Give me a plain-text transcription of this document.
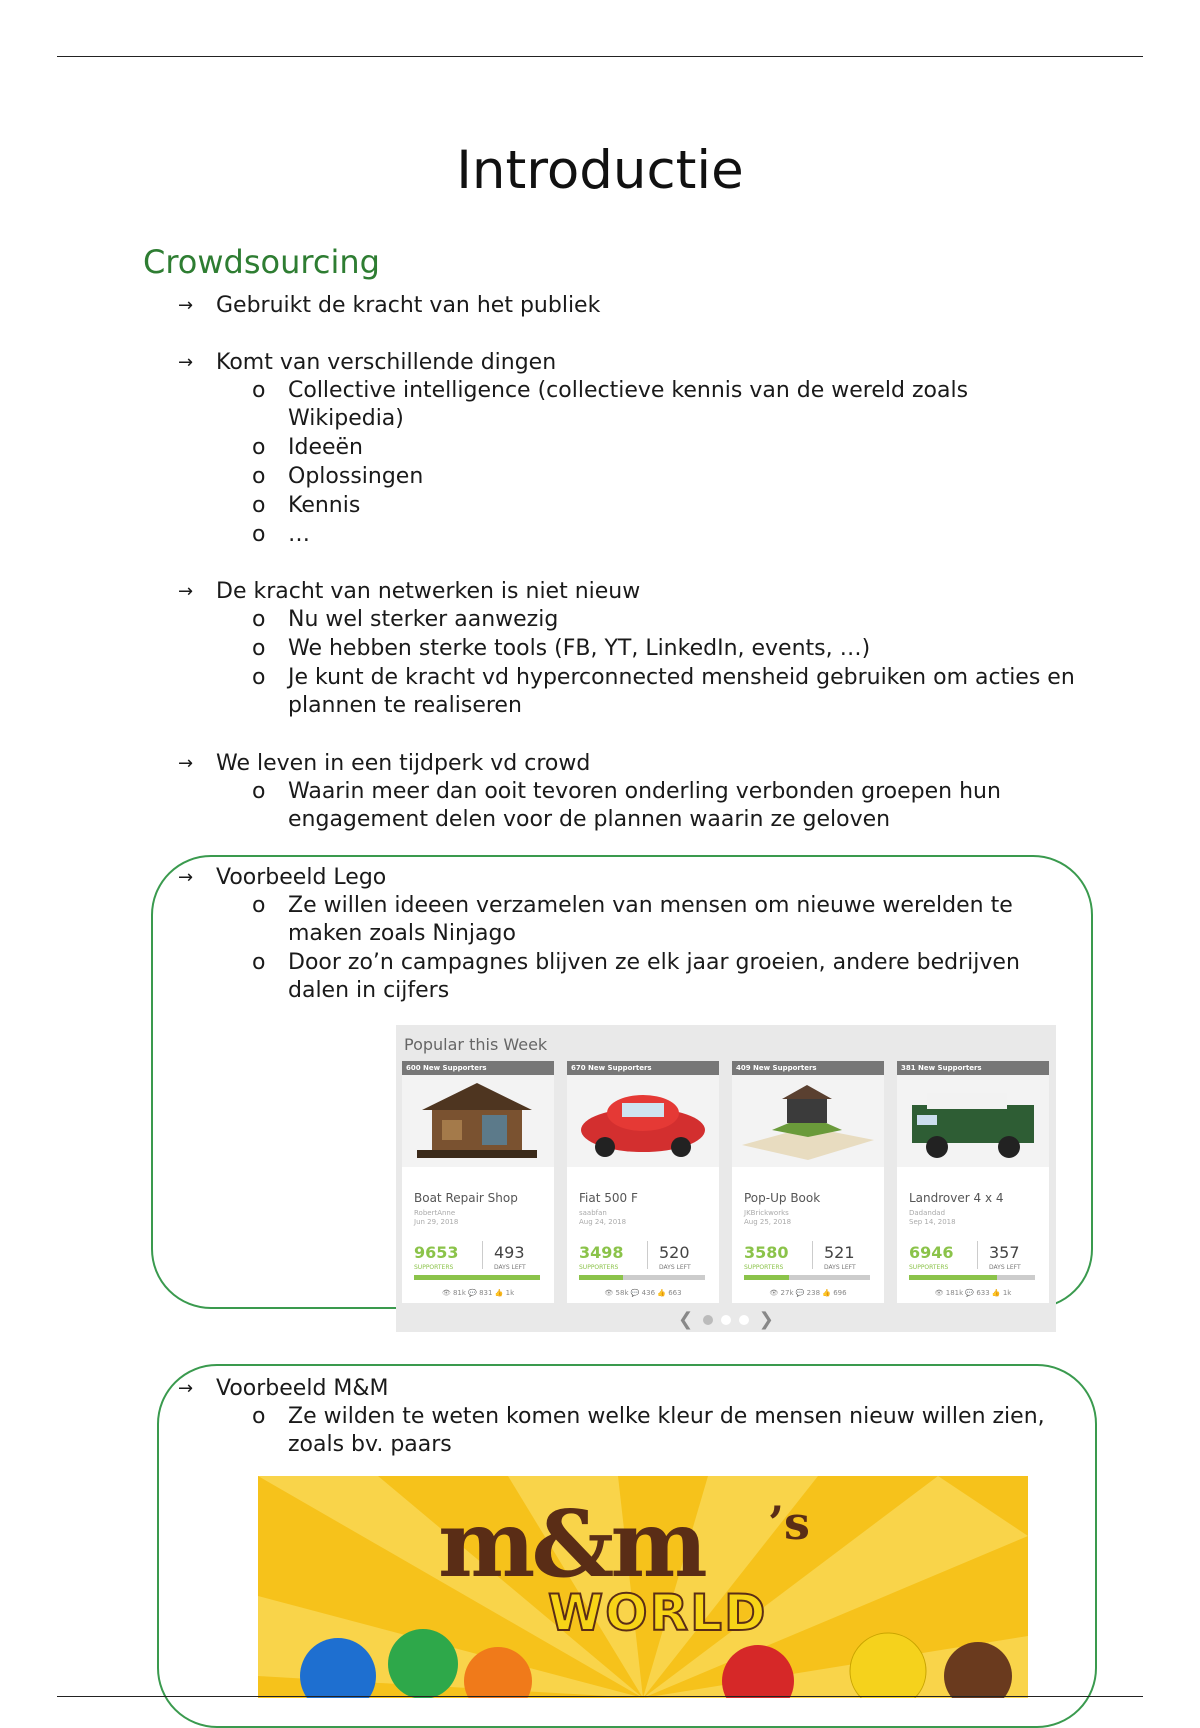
Introductie
Crowdsourcing
→ Gebruikt de kracht van het publiek
→ Komt van verschillende dingen
o Collective intelligence (collectieve kennis van de wereld zoals Wikipedia)
o Ideeën
o Oplossingen
o Kennis
o …
→ De kracht van netwerken is niet nieuw
o Nu wel sterker aanwezig
o We hebben sterke tools (FB, YT, LinkedIn, events, …)
o Je kunt de kracht vd hyperconnected mensheid gebruiken om acties en plannen te realiseren
→ We leven in een tijdperk vd crowd
o Waarin meer dan ooit tevoren onderling verbonden groepen hun engagement delen voor de plannen waarin ze geloven
→ Voorbeeld Lego
o Ze willen ideeen verzamelen van mensen om nieuwe werelden te maken zoals Ninjago
o Door zo’n campagnes blijven ze elk jaar groeien, andere bedrijven dalen in cijfers
Popular this Week
600 New Supporters
Boat Repair Shop
RobertAnne
Jun 29, 2018
9653 493
SUPPORTERS	DAYS LEFT
👁 81k 💬 831 👍 1k
670 New Supporters
Fiat 500 F
saabfan
Aug 24, 2018
3498 520
SUPPORTERS	DAYS LEFT
👁 58k 💬 436 👍 663
409 New Supporters
Pop-Up Book
JKBrickworks
Aug 25, 2018
3580 521
SUPPORTERS	DAYS LEFT
👁 27k 💬 238 👍 696
381 New Supporters
Landrover 4 x 4
Dadandad
Sep 14, 2018
6946 357
SUPPORTERS	DAYS LEFT
👁 181k 💬 633 👍 1k
❮	❯
→ Voorbeeld M&M
o Ze wilden te weten komen welke kleur de mensen nieuw willen zien, zoals bv. paars
m&m ’s
WORLD
